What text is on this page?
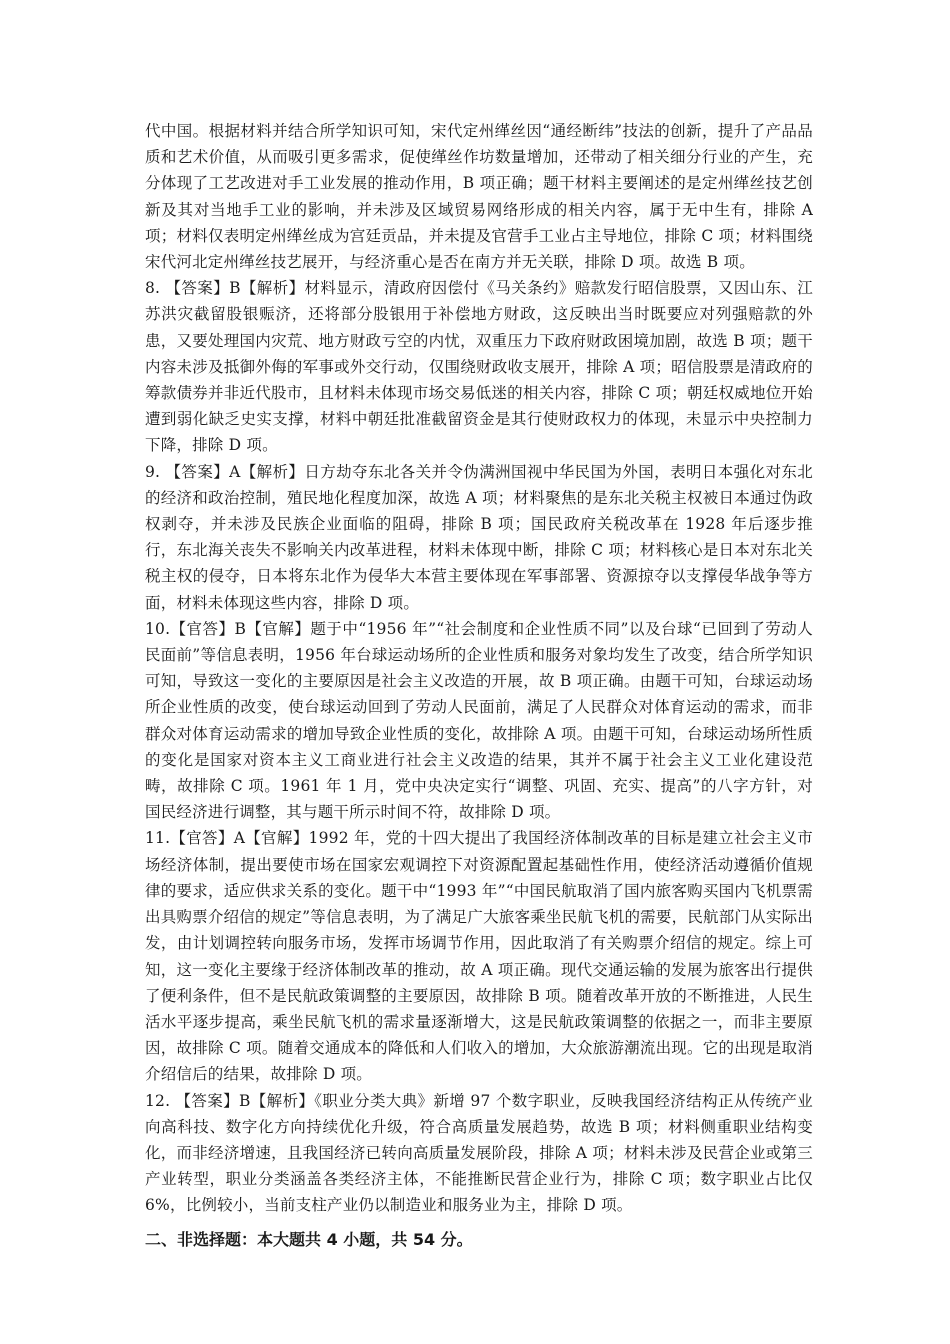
代中国。根据材料并结合所学知识可知，宋代定州缂丝因“通经断纬”技法的创新，提升了产品品质和艺术价值，从而吸引更多需求，促使缂丝作坊数量增加，还带动了相关细分行业的产生，充分体现了工艺改进对手工业发展的推动作用，B 项正确；题干材料主要阐述的是定州缂丝技艺创新及其对当地手工业的影响，并未涉及区域贸易网络形成的相关内容，属于无中生有，排除 A 项；材料仅表明定州缂丝成为宫廷贡品，并未提及官营手工业占主导地位，排除 C 项；材料围绕宋代河北定州缂丝技艺展开，与经济重心是否在南方并无关联，排除 D 项。故选 B 项。

8. 【答案】B【解析】材料显示，清政府因偿付《马关条约》赔款发行昭信股票，又因山东、江苏洪灾截留股银赈济，还将部分股银用于补偿地方财政，这反映出当时既要应对列强赔款的外患，又要处理国内灾荒、地方财政亏空的内忧，双重压力下政府财政困境加剧，故选 B 项；题干内容未涉及抵御外侮的军事或外交行动，仅围绕财政收支展开，排除 A 项；昭信股票是清政府的筹款债券并非近代股市，且材料未体现市场交易低迷的相关内容，排除 C 项；朝廷权威地位开始遭到弱化缺乏史实支撑，材料中朝廷批准截留资金是其行使财政权力的体现，未显示中央控制力下降，排除 D 项。

9. 【答案】A【解析】日方劫夺东北各关并令伪满洲国视中华民国为外国，表明日本强化对东北的经济和政治控制，殖民地化程度加深，故选 A 项；材料聚焦的是东北关税主权被日本通过伪政权剥夺，并未涉及民族企业面临的阻碍，排除 B 项；国民政府关税改革在 1928 年后逐步推行，东北海关丧失不影响关内改革进程，材料未体现中断，排除 C 项；材料核心是日本对东北关税主权的侵夺，日本将东北作为侵华大本营主要体现在军事部署、资源掠夺以支撑侵华战争等方面，材料未体现这些内容，排除 D 项。

10.【官答】B【官解】题于中“1956 年”“社会制度和企业性质不同”以及台球“已回到了劳动人民面前”等信息表明，1956 年台球运动场所的企业性质和服务对象均发生了改变，结合所学知识可知，导致这一变化的主要原因是社会主义改造的开展，故 B 项正确。由题干可知，台球运动场所企业性质的改变，使台球运动回到了劳动人民面前，满足了人民群众对体育运动的需求，而非群众对体育运动需求的增加导致企业性质的变化，故排除 A 项。由题干可知，台球运动场所性质的变化是国家对资本主义工商业进行社会主义改造的结果，其并不属于社会主义工业化建设范畴，故排除 C 项。1961 年 1 月，党中央决定实行“调整、巩固、充实、提高”的八字方针，对国民经济进行调整，其与题干所示时间不符，故排除 D 项。

11.【官答】A【官解】1992 年，党的十四大提出了我国经济体制改革的目标是建立社会主义市场经济体制，提出要使市场在国家宏观调控下对资源配置起基础性作用，使经济活动遵循价值规律的要求，适应供求关系的变化。题干中“1993 年”“中国民航取消了国内旅客购买国内飞机票需出具购票介绍信的规定”等信息表明，为了满足广大旅客乘坐民航飞机的需要，民航部门从实际出发，由计划调控转向服务市场，发挥市场调节作用，因此取消了有关购票介绍信的规定。综上可知，这一变化主要缘于经济体制改革的推动，故 A 项正确。现代交通运输的发展为旅客出行提供了便利条件，但不是民航政策调整的主要原因，故排除 B 项。随着改革开放的不断推进，人民生活水平逐步提高，乘坐民航飞机的需求量逐渐增大，这是民航政策调整的依据之一，而非主要原因，故排除 C 项。随着交通成本的降低和人们收入的增加，大众旅游潮流出现。它的出现是取消介绍信后的结果，故排除 D 项。

12. 【答案】B【解析】《职业分类大典》新增 97 个数字职业，反映我国经济结构正从传统产业向高科技、数字化方向持续优化升级，符合高质量发展趋势，故选 B 项；材料侧重职业结构变化，而非经济增速，且我国经济已转向高质量发展阶段，排除 A 项；材料未涉及民营企业或第三产业转型，职业分类涵盖各类经济主体，不能推断民营企业行为，排除 C 项；数字职业占比仅 6%，比例较小，当前支柱产业仍以制造业和服务业为主，排除 D 项。

二、非选择题：本大题共 4 小题，共 54 分。
